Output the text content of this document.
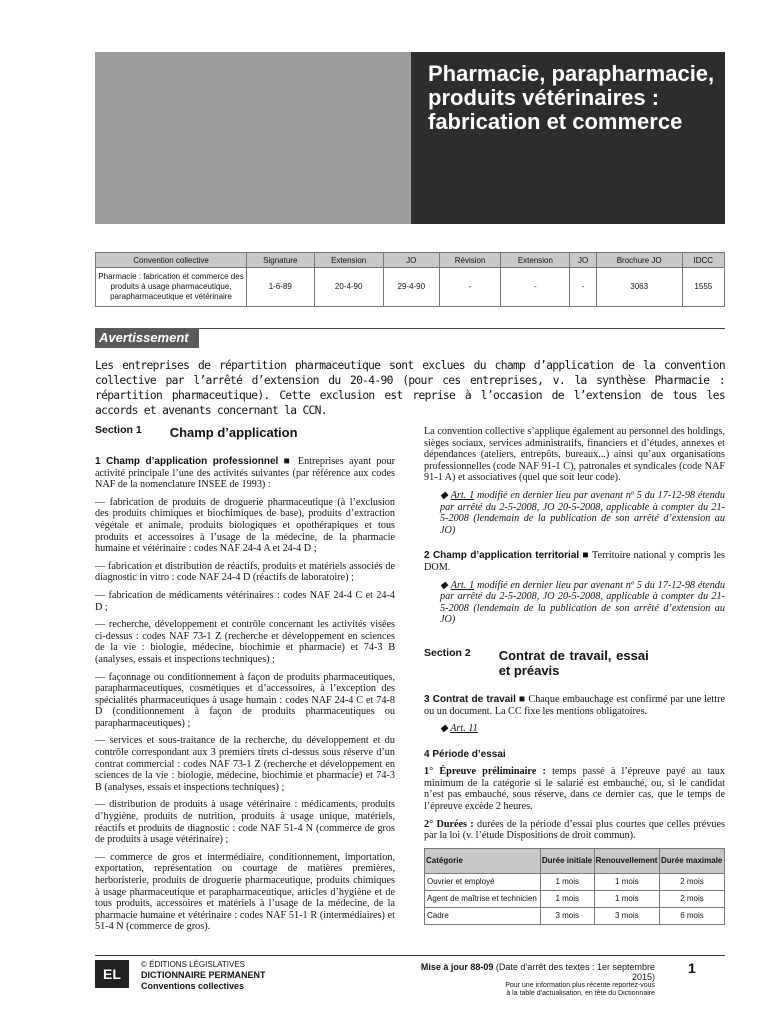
Pharmacie, parapharmacie, produits vétérinaires : fabrication et commerce
Convention collective	Signature	Extension	JO	Révision	Extension	JO	Brochure JO	IDCC
Pharmacie : fabrication et commerce des produits à usage pharmaceutique, parapharmaceutique et vétérinaire	1-6-89	20-4-90	29-4-90	-	-	-	3063	1555
Avertissement
Les entreprises de répartition pharmaceutique sont exclues du champ d’application de la convention collective par l’arrêté d’extension du 20-4-90 (pour ces entreprises, v. la synthèse Pharmacie : répartition pharmaceutique). Cette exclusion est reprise à l’occasion de l’extension de tous les accords et avenants concernant la CCN.
Section 1 Champ d’application

1 Champ d’application professionnel ■ Entreprises ayant pour activité principale l’une des activités suivantes (par référence aux codes NAF de la nomenclature INSEE de 1993) :

— fabrication de produits de droguerie pharmaceutique (à l’exclusion des produits chimiques et biochimiques de base), produits d’extraction végétale et animale, produits biologiques et opothérapiques et tous produits et accessoires à l’usage de la médecine, de la pharmacie humaine et vétérinaire : codes NAF 24-4 A et 24-4 D ;

— fabrication et distribution de réactifs, produits et matériels associés de diagnostic in vitro : code NAF 24-4 D (réactifs de laboratoire) ;

— fabrication de médicaments vétérinaires : codes NAF 24-4 C et 24-4 D ;

— recherche, développement et contrôle concernant les activités visées ci-dessus : codes NAF 73-1 Z (recherche et développement en sciences de la vie : biologie, médecine, biochimie et pharmacie) et 74-3 B (analyses, essais et inspections techniques) ;

— façonnage ou conditionnement à façon de produits pharmaceutiques, parapharmaceutiques, cosmétiques et d’accessoires, à l’exception des spécialités pharmaceutiques à usage humain : codes NAF 24-4 C et 74-8 D (conditionnement à façon de produits pharmaceutiques ou parapharmaceutiques) ;

— services et sous-traitance de la recherche, du développement et du contrôle correspondant aux 3 premiers tirets ci-dessus sous réserve d’un contrat commercial : codes NAF 73-1 Z (recherche et développement en sciences de la vie : biologie, médecine, biochimie et pharmacie) et 74-3 B (analyses, essais et inspections techniques) ;

— distribution de produits à usage vétérinaire : médicaments, produits d’hygiène, produits de nutrition, produits à usage unique, matériels, réactifs et produits de diagnostic : code NAF 51-4 N (commerce de gros de produits à usage vétérinaire) ;

— commerce de gros et intermédiaire, conditionnement, importation, exportation, représentation ou courtage de matières premières, herboristerie, produits de droguerie pharmaceutique, produits chimiques à usage pharmaceutique et parapharmaceutique, articles d’hygiène et de tous produits, accessoires et matériels à l’usage de la médecine, de la pharmacie humaine et vétérinaire : codes NAF 51-1 R (intermédiaires) et 51-4 N (commerce de gros).

La convention collective s’applique également au personnel des holdings, sièges sociaux, services administratifs, financiers et d’études, annexes et dépendances (ateliers, entrepôts, bureaux...) ainsi qu’aux organisations professionnelles (code NAF 91-1 C), patronales et syndicales (code NAF 91-1 A) et associatives (quel que soit leur code).

◆ Art. 1 modifié en dernier lieu par avenant nº 5 du 17-12-98 étendu par arrêté du 2-5-2008, JO 20-5-2008, applicable à compter du 21-5-2008 (lendemain de la publication de son arrêté d’extension au JO)

2 Champ d’application territorial ■ Territoire national y compris les DOM.

◆ Art. 1 modifié en dernier lieu par avenant nº 5 du 17-12-98 étendu par arrêté du 2-5-2008, JO 20-5-2008, applicable à compter du 21-5-2008 (lendemain de la publication de son arrêté d’extension au JO)

Section 2 Contrat de travail, essai et préavis

3 Contrat de travail ■ Chaque embauchage est confirmé par une lettre ou un document. La CC fixe les mentions obligatoires.

◆ Art. 11

4 Période d’essai

1° Épreuve préliminaire : temps passé à l’épreuve payé au taux minimum de la catégorie si le salarié est embauché, ou, si le candidat n’est pas embauché, sous réserve, dans ce dernier cas, que le temps de l’épreuve excède 2 heures.

2° Durées : durées de la période d’essai plus courtes que celles prévues par la loi (v. l’étude Dispositions de droit commun).

Catégorie	Durée initiale	Renouvellement	Durée maximale
Ouvrier et employé	1 mois	1 mois	2 mois
Agent de maîtrise et technicien	1 mois	1 mois	2 mois
Cadre	3 mois	3 mois	6 mois
EL
© ÉDITIONS LÉGISLATIVES
DICTIONNAIRE PERMANENT
Conventions collectives
Mise à jour 88-09 (Date d’arrêt des textes : 1er septembre 2015)
Pour une information plus récente reportez-vous
à la table d’actualisation, en tête du Dictionnaire
1
